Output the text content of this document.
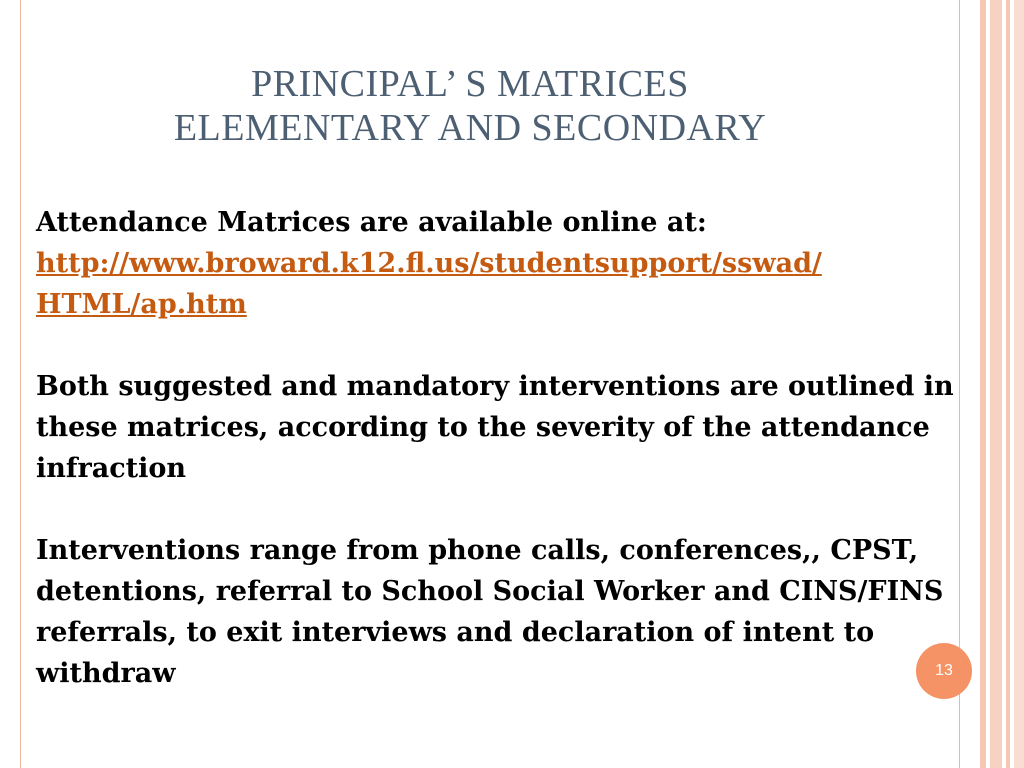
PRINCIPAL’ S MATRICES
ELEMENTARY AND SECONDARY
Attendance Matrices are available online at:
http://www.broward.k12.fl.us/studentsupport/sswad/
HTML/ap.htm
Both suggested and mandatory interventions are outlined in these matrices, according to the severity of the attendance infraction
Interventions range from phone calls, conferences,, CPST, detentions, referral to School Social Worker and CINS/FINS referrals, to exit interviews and declaration of intent to withdraw	13
